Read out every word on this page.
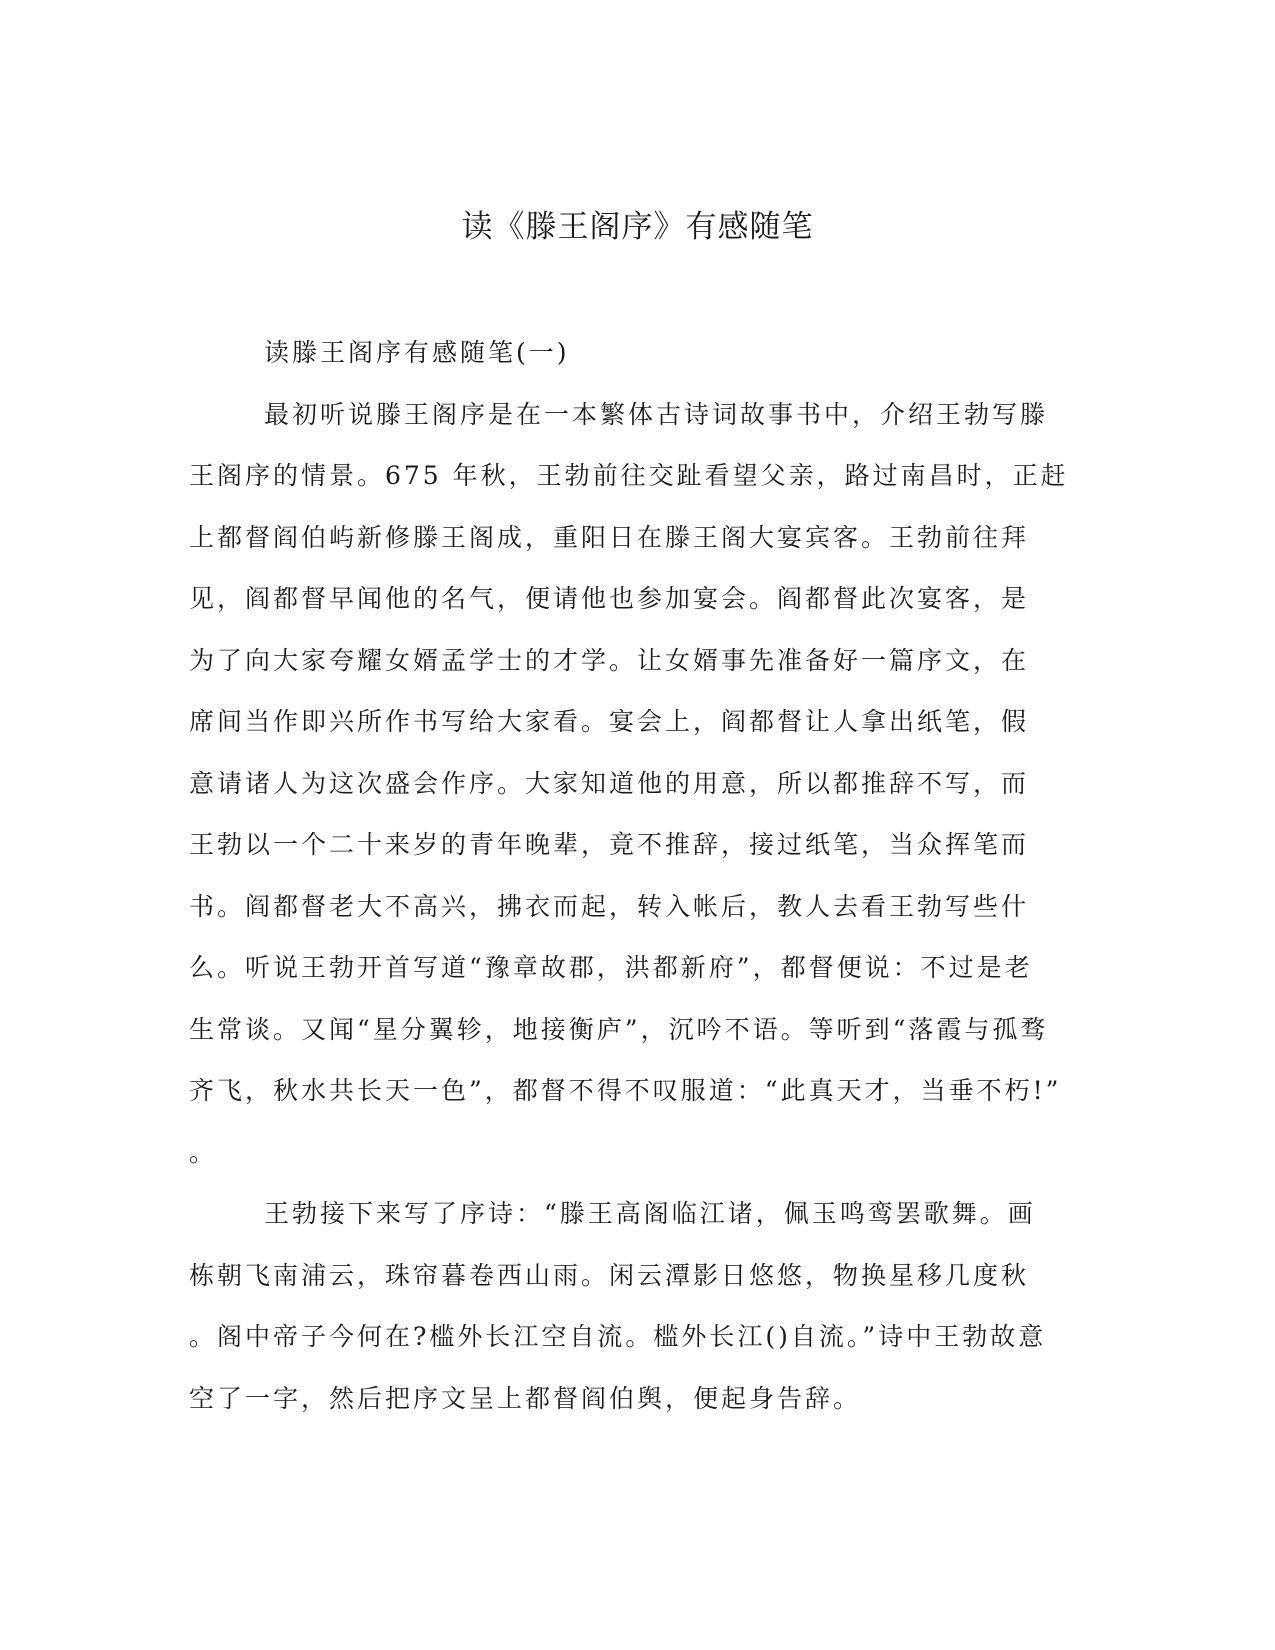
读《滕王阁序》有感随笔
读滕王阁序有感随笔(一)
最初听说滕王阁序是在一本繁体古诗词故事书中，介绍王勃写滕
王阁序的情景。675 年秋，王勃前往交趾看望父亲，路过南昌时，正赶
上都督阎伯屿新修滕王阁成，重阳日在滕王阁大宴宾客。王勃前往拜
见，阎都督早闻他的名气，便请他也参加宴会。阎都督此次宴客，是
为了向大家夸耀女婿孟学士的才学。让女婿事先准备好一篇序文，在
席间当作即兴所作书写给大家看。宴会上，阎都督让人拿出纸笔，假
意请诸人为这次盛会作序。大家知道他的用意，所以都推辞不写，而
王勃以一个二十来岁的青年晚辈，竟不推辞，接过纸笔，当众挥笔而
书。阎都督老大不高兴，拂衣而起，转入帐后，教人去看王勃写些什
么。听说王勃开首写道“豫章故郡，洪都新府”，都督便说：不过是老
生常谈。又闻“星分翼轸，地接衡庐”，沉吟不语。等听到“落霞与孤骛
齐飞，秋水共长天一色”，都督不得不叹服道：“此真天才，当垂不朽!”
。
王勃接下来写了序诗：“滕王高阁临江诸，佩玉鸣鸾罢歌舞。画
栋朝飞南浦云，珠帘暮卷西山雨。闲云潭影日悠悠，物换星移几度秋
。阁中帝子今何在?槛外长江空自流。槛外长江()自流。”诗中王勃故意
空了一字，然后把序文呈上都督阎伯舆，便起身告辞。
